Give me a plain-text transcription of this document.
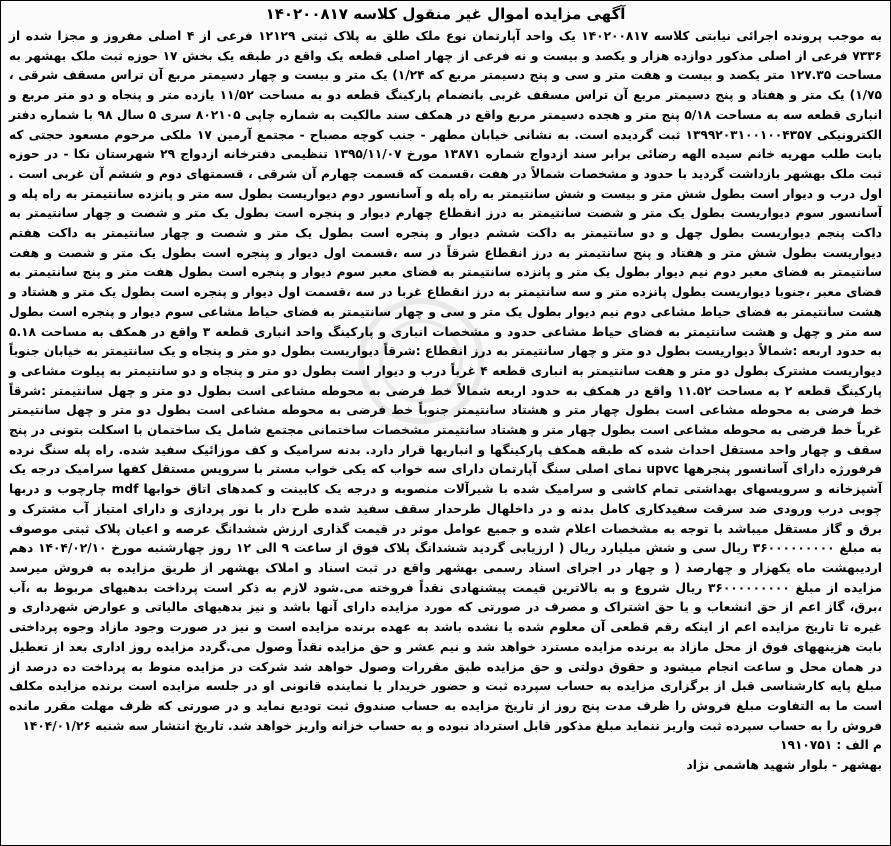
آگهی مزایده اموال غیر منقول کلاسه ۱۴۰۲۰۰۸۱۷
به موجب پرونده اجرائی نیابتی کلاسه ۱۴۰۲۰۰۸۱۷ یک واحد آپارتمان نوع ملک طلق به پلاک ثبتی ۱۲۱۲۹ فرعی از ۴ اصلی مفروز و مجزا شده از ۷۳۳۶ فرعی از اصلی مذکور دوازده هزار و یکصد و بیست و نه فرعی از چهار اصلی قطعه یک واقع در طبقه یک بخش ۱۷ حوزه ثبت ملک بهشهر به مساحت ۱۲۷.۳۵ متر یکصد و بیست و هفت متر و سی و پنج دسیمتر مربع که ۱/۲۴) یک متر و بیست و چهار دسیمتر مربع آن تراس مسقف شرقی ، ۱/۷۵) یک متر و هفتاد و پنج دسیمتر مربع آن تراس مسقف غربی بانضمام پارکینگ قطعه دو به مساحت ۱۱/۵۲ یازده متر و پنجاه و دو متر مربع و انباری قطعه سه به مساحت ۵/۱۸ پنج متر و هجده دسیمتر مربع واقع در همکف سند مالکیت به شماره چاپی ۸۰۲۱۰۵ سری ۵ سال ۹۸ با شماره دفتر الکترونیکی ۱۳۹۹۲۰۳۱۰۰۱۰۰۴۳۵۷ ثبت گردیده است. به نشانی خیابان مطهر - جنب کوچه مصباح - مجتمع آرمین ۱۷ ملکی مرحوم مسعود حجتی که بابت طلب مهریه خانم سیده الهه رضائی برابر سند ازدواج شماره ۱۳۸۷۱ مورخ ۱۳۹۵/۱۱/۰۷ تنظیمی دفترخانه ازدواج ۲۹ شهرستان نکا - در حوزه ثبت ملک بهشهر بازداشت گردید با حدود و مشخصات شمالاً در هفت ،قسمت که قسمت چهارم آن شرقی ، قسمتهای دوم و ششم آن غربی است . اول درب و دیوار است بطول شش متر و بیست و شش سانتیمتر به راه پله و آسانسور دوم دیواریست بطول سه متر و پانزده سانتیمتر به راه پله و آسانسور سوم دیواریست بطول یک متر و شصت سانتیمتر به درز انقطاع چهارم دیوار و پنجره است بطول یک متر و شصت و چهار سانتیمتر به داکت پنجم دیواریست بطول چهل و دو سانتیمتر به داکت ششم دیوار و پنجره است بطول یک متر و شصت و چهار سانتیمتر به داکت هفتم دیواریست بطول شش متر و هفتاد و پنج سانتیمتر به درز انقطاع شرقاً در سه ،قسمت اول دیوار و پنجره است بطول یک متر و شصت و هفت سانتیمتر به فضای معبر دوم نیم دیوار بطول یک متر و پانزده سانتیمتر به فضای معبر سوم دیوار و پنجره است بطول هفت متر و پنج سانتیمتر به فضای معبر ،جنوبا دیواریست بطول پانزده متر و سه سانتیمتر به درز انقطاع غربا در سه ،قسمت اول دیوار و پنجره است بطول یک متر و هشتاد و هشت سانتیمتر به فضای حیاط مشاعی دوم نیم دیوار بطول یک متر و سی و چهار سانتیمتر به فضای حیاط مشاعی سوم دیوار و پنجره است بطول سه متر و چهل و هشت سانتیمتر به فضای حیاط مشاعی حدود و مشخصات انباری و پارکینگ واحد انباری قطعه ۳ واقع در همکف به مساحت ۵.۱۸ به حدود اربعه :شمالاً دیواریست بطول دو متر و چهار سانتیمتر به درز انقطاع :شرقاً دیواریست بطول دو متر و پنجاه و یک سانتیمتر به خیابان جنوباً دیواریست مشترک بطول دو متر و هفت سانتیمتر به انباری قطعه ۴ غرباً درب و دیوار است بطول دو متر و پنجاه و دو سانتیمتر به پیلوت مشاعی و پارکینگ قطعه ۲ به مساحت ۱۱.۵۲ واقع در همکف به حدود اربعه شمالاً خط فرضی به محوطه مشاعی است بطول دو متر و چهل سانتیمتر :شرقاً خط فرضی به محوطه مشاعی است بطول چهار متر و هشتاد سانتیمتر جنوباً خط فرضی به محوطه مشاعی است بطول دو متر و چهل سانتیمتر غرباً خط فرضی به محوطه مشاعی است بطول چهار متر و هشتاد سانتیمتر مشخصات ساختمانی مجتمع شامل یک ساختمان با اسکلت بتونی در پنج سقف و چهار واحد مستقل احداث شده که طبقه همکف پارکینگها و انباریها قرار دارد. بدنه سرامیک و کف موزائیک سفید شده. راه پله سنگ نرده فرفورژه دارای آسانسور پنجرهها upvc نمای اصلی سنگ آپارتمان دارای سه خواب که یکی خواب مستر با سرویس مستقل کفها سرامیک درجه یک آشپزخانه و سرویسهای بهداشتی تمام کاشی و سرامیک شده با شیرآلات منصوبه و درجه یک کابینت و کمدهای اتاق خوابها mdf چارچوب و دربها چوبی درب ورودی ضد سرقت سفیدکاری کامل بدنه و در داخلهال طرحدار سقف سفید شده طرح دار با نور پردازی و دارای امتیاز آب مشترک و برق و گاز مستقل میباشد با توجه به مشخصات اعلام شده و جمیع عوامل موثر در قیمت گذاری ارزش ششدانگ عرصه و اعیان پلاک ثبتی موصوف به مبلغ ۳۶۰۰۰۰۰۰۰۰۰ ریال سی و شش میلیارد ریال ( ارزیابی گردید ششدانگ پلاک فوق از ساعت ۹ الی ۱۲ روز چهارشنبه مورخ ۱۴۰۴/۰۲/۱۰ دهم اردیبهشت ماه یکهزار و چهارصد ( و چهار در اجرای اسناد رسمی بهشهر واقع در ثبت اسناد و املاک بهشهر از طریق مزایده به فروش میرسد مزایده از مبلغ ۳۶۰۰۰۰۰۰۰۰۰ ریال شروع و به بالاترین قیمت پیشنهادی نقداً فروخته می.شود لازم به ذکر است پرداخت بدهیهای مربوط به ،آب ،برق، گاز اعم از حق انشعاب و یا حق اشتراک و مصرف در صورتی که مورد مزایده دارای آنها باشد و نیز بدهیهای مالیاتی و عوارض شهرداری و غیره تا تاریخ مزایده اعم از اینکه رقم قطعی آن معلوم شده یا نشده باشد به عهده برنده مزایده است و نیز در صورت وجود مازاد وجوه پرداختی بابت هزینههای فوق از محل مازاد به برنده مزایده مسترد خواهد شد و نیم عشر و حق مزایده نقداً وصول می.گردد مزایده روز اداری بعد از تعطیل در همان محل و ساعت انجام میشود و حقوق دولتی و حق مزایده طبق مقررات وصول خواهد شد شرکت در مزایده منوط به پرداخت ده درصد از مبلغ پایه کارشناسی قبل از برگزاری مزایده به حساب سپرده ثبت و حضور خریدار یا نماینده قانونی او در جلسه مزایده است برنده مزایده مکلف است ما به التفاوت مبلغ فروش را ظرف مدت پنج روز از تاریخ مزایده به حساب صندوق ثبت تودیع نماید و در صورتی که ظرف مهلت مقرر مانده فروش را به حساب سپرده ثبت واریز ننماید مبلغ مذکور قابل استرداد نبوده و به حساب خزانه واریز خواهد شد. تاریخ انتشار سه شنبه ۱۴۰۴/۰۱/۲۶
م الف : ۱۹۱۰۷۵۱
بهشهر - بلوار شهید هاشمی نژاد
